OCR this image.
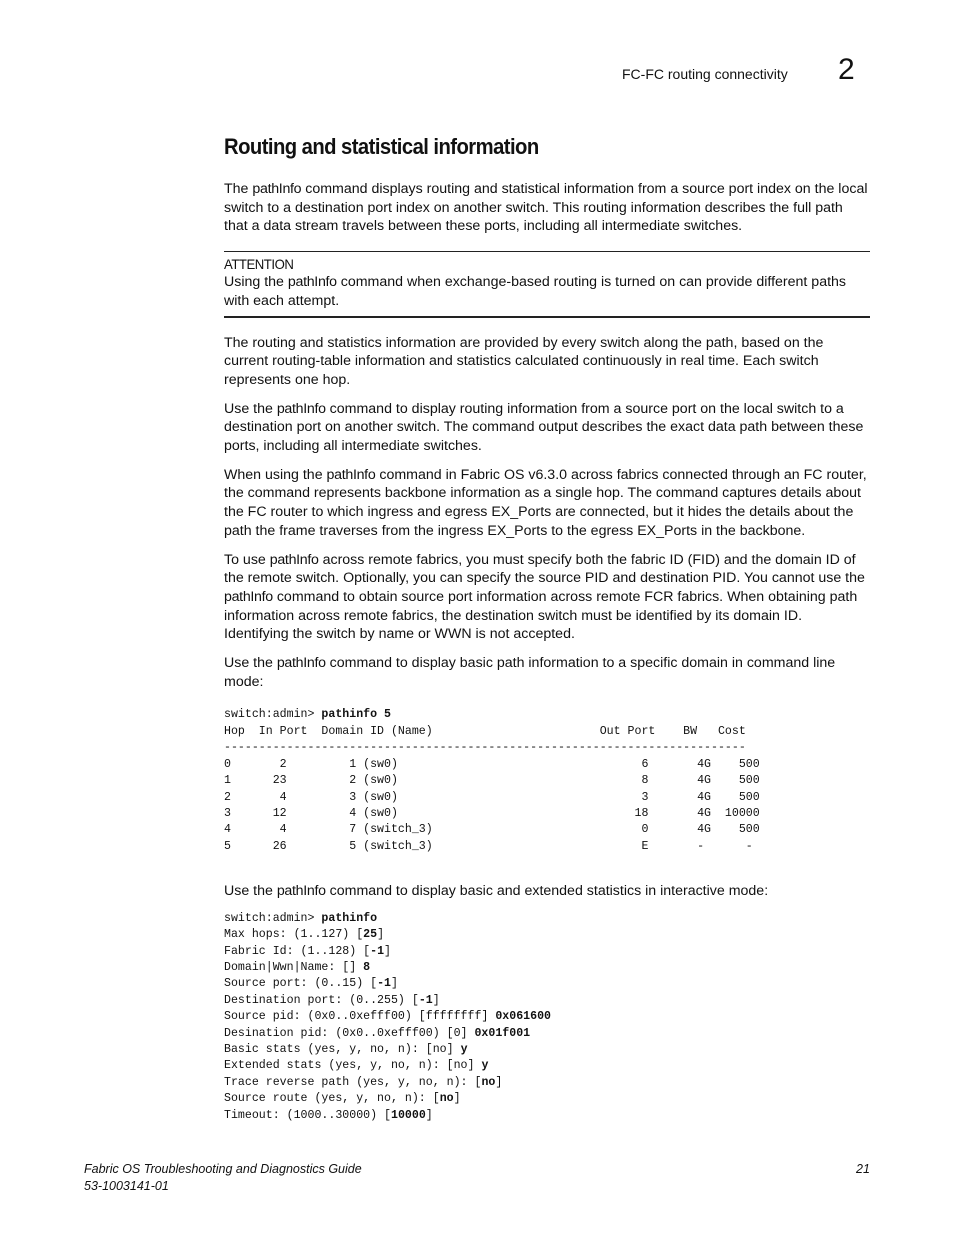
FC-FC routing connectivity 2
Routing and statistical information

The pathInfo command displays routing and statistical information from a source port index on the local switch to a destination port index on another switch. This routing information describes the full path that a data stream travels between these ports, including all intermediate switches.

ATTENTION

Using the pathInfo command when exchange-based routing is turned on can provide different paths with each attempt.

The routing and statistics information are provided by every switch along the path, based on the current routing-table information and statistics calculated continuously in real time. Each switch represents one hop.

Use the pathInfo command to display routing information from a source port on the local switch to a destination port on another switch. The command output describes the exact data path between these ports, including all intermediate switches.

When using the pathInfo command in Fabric OS v6.3.0 across fabrics connected through an FC router, the command represents backbone information as a single hop. The command captures details about the FC router to which ingress and egress EX_Ports are connected, but it hides the details about the path the frame traverses from the ingress EX_Ports to the egress EX_Ports in the backbone.

To use pathInfo across remote fabrics, you must specify both the fabric ID (FID) and the domain ID of the remote switch. Optionally, you can specify the source PID and destination PID. You cannot use the pathInfo command to obtain source port information across remote FCR fabrics. When obtaining path information across remote fabrics, the destination switch must be identified by its domain ID. Identifying the switch by name or WWN is not accepted.

Use the pathInfo command to display basic path information to a specific domain in command line mode:

switch:admin> pathinfo 5
Hop  In Port  Domain ID (Name)                        Out Port    BW   Cost
---------------------------------------------------------------------------
0       2         1 (sw0)                                   6       4G    500
1      23         2 (sw0)                                   8       4G    500
2       4         3 (sw0)                                   3       4G    500
3      12         4 (sw0)                                  18       4G  10000
4       4         7 (switch_3)                              0       4G    500
5      26         5 (switch_3)                              E       -      -

Use the pathInfo command to display basic and extended statistics in interactive mode:

switch:admin> pathinfo
Max hops: (1..127) [25]
Fabric Id: (1..128) [-1]
Domain|Wwn|Name: [] 8
Source port: (0..15) [-1]
Destination port: (0..255) [-1]
Source pid: (0x0..0xefff00) [ffffffff] 0x061600
Desination pid: (0x0..0xefff00) [0] 0x01f001
Basic stats (yes, y, no, n): [no] y
Extended stats (yes, y, no, n): [no] y
Trace reverse path (yes, y, no, n): [no]
Source route (yes, y, no, n): [no]
Timeout: (1000..30000) [10000]
Fabric OS Troubleshooting and Diagnostics Guide
53-1003141-01
21
